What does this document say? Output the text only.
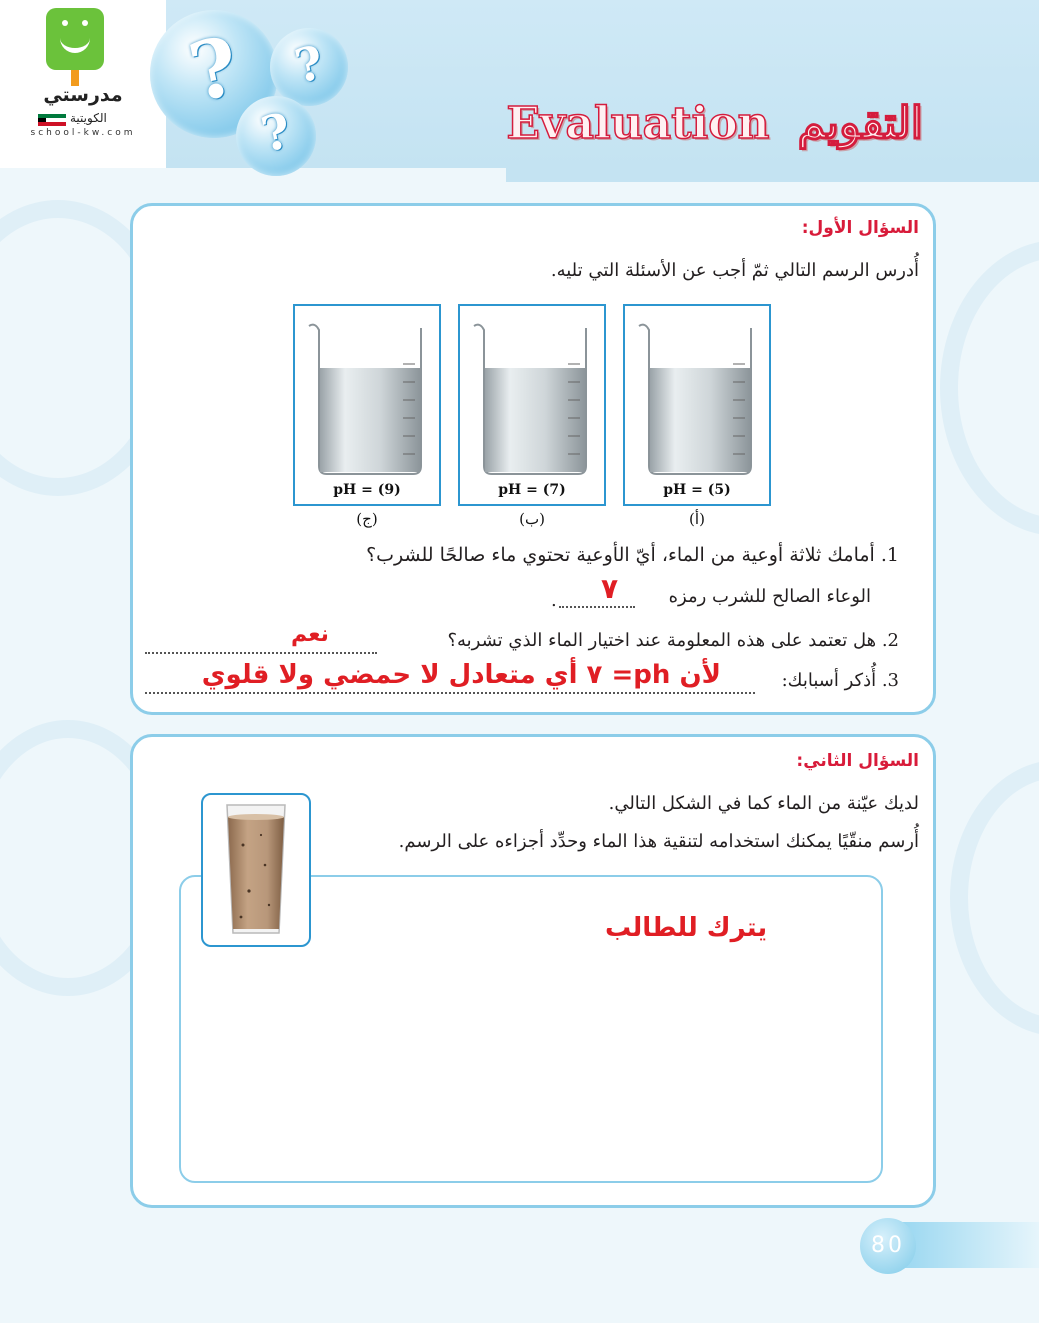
مدرستي
الكويتية
school-kw.com
? ?
?	Evaluation التقويم
السؤال الأول:
أُدرس الرسم التالي ثمّ أجب عن الأسئلة التي تليه.
pH = (5)
(أ)
pH = (7)
(ب)
pH = (9)
(ج)
1. أمامك ثلاثة أوعية من الماء، أيّ الأوعية تحتوي ماء صالحًا للشرب؟
الوعاء الصالح للشرب رمزه
. ٧
2. هل تعتمد على هذه المعلومة عند اختيار الماء الذي تشربه؟
نعم
3. أُذكر أسبابك:
لأن ph= ٧ أي متعادل لا حمضي ولا قلوي
السؤال الثاني:
لديك عيّنة من الماء كما في الشكل التالي.
أُرسم منقّيًا يمكنك استخدامه لتنقية هذا الماء وحدِّد أجزاءه على الرسم.
يترك للطالب
80
